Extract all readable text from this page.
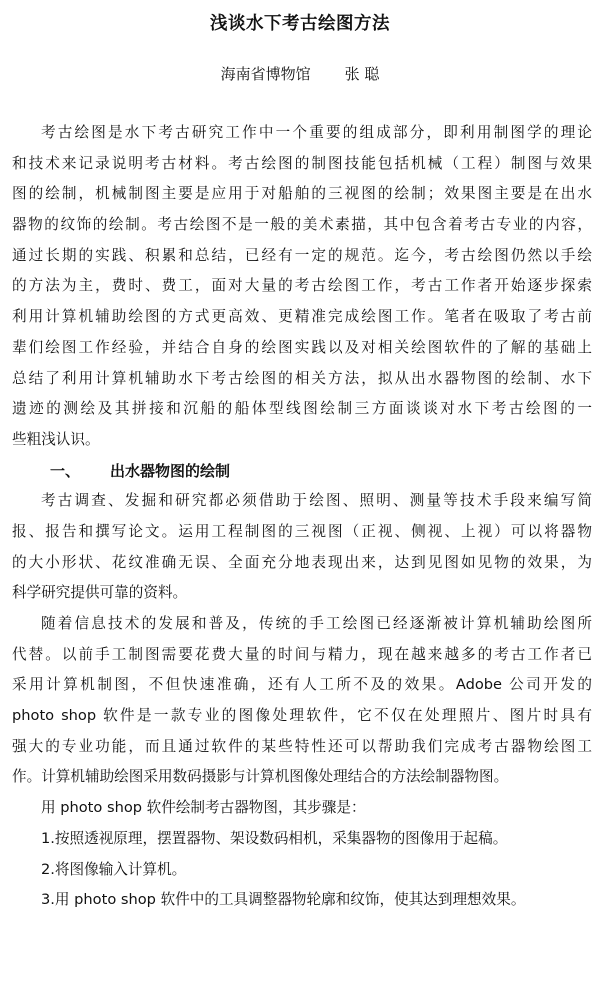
浅谈水下考古绘图方法
海南省博物馆 张 聪
考古绘图是水下考古研究工作中一个重要的组成部分，即利用制图学的理论
和技术来记录说明考古材料。考古绘图的制图技能包括机械（工程）制图与效果
图的绘制，机械制图主要是应用于对船舶的三视图的绘制；效果图主要是在出水
器物的纹饰的绘制。考古绘图不是一般的美术素描，其中包含着考古专业的内容，
通过长期的实践、积累和总结，已经有一定的规范。迄今，考古绘图仍然以手绘
的方法为主，费时、费工，面对大量的考古绘图工作，考古工作者开始逐步探索
利用计算机辅助绘图的方式更高效、更精准完成绘图工作。笔者在吸取了考古前
辈们绘图工作经验，并结合自身的绘图实践以及对相关绘图软件的了解的基础上
总结了利用计算机辅助水下考古绘图的相关方法，拟从出水器物图的绘制、水下
遗迹的测绘及其拼接和沉船的船体型线图绘制三方面谈谈对水下考古绘图的一
些粗浅认识。
一、 出水器物图的绘制
考古调查、发掘和研究都必须借助于绘图、照明、测量等技术手段来编写简
报、报告和撰写论文。运用工程制图的三视图（正视、侧视、上视）可以将器物
的大小形状、花纹准确无误、全面充分地表现出来，达到见图如见物的效果，为
科学研究提供可靠的资料。
随着信息技术的发展和普及，传统的手工绘图已经逐渐被计算机辅助绘图所
代替。以前手工制图需要花费大量的时间与精力，现在越来越多的考古工作者已
采用计算机制图，不但快速准确，还有人工所不及的效果。Adobe 公司开发的
photo shop 软件是一款专业的图像处理软件，它不仅在处理照片、图片时具有
强大的专业功能，而且通过软件的某些特性还可以帮助我们完成考古器物绘图工
作。计算机辅助绘图采用数码摄影与计算机图像处理结合的方法绘制器物图。
用 photo shop 软件绘制考古器物图，其步骤是：
1.按照透视原理，摆置器物、架设数码相机，采集器物的图像用于起稿。
2.将图像输入计算机。
3.用 photo shop 软件中的工具调整器物轮廓和纹饰，使其达到理想效果。
